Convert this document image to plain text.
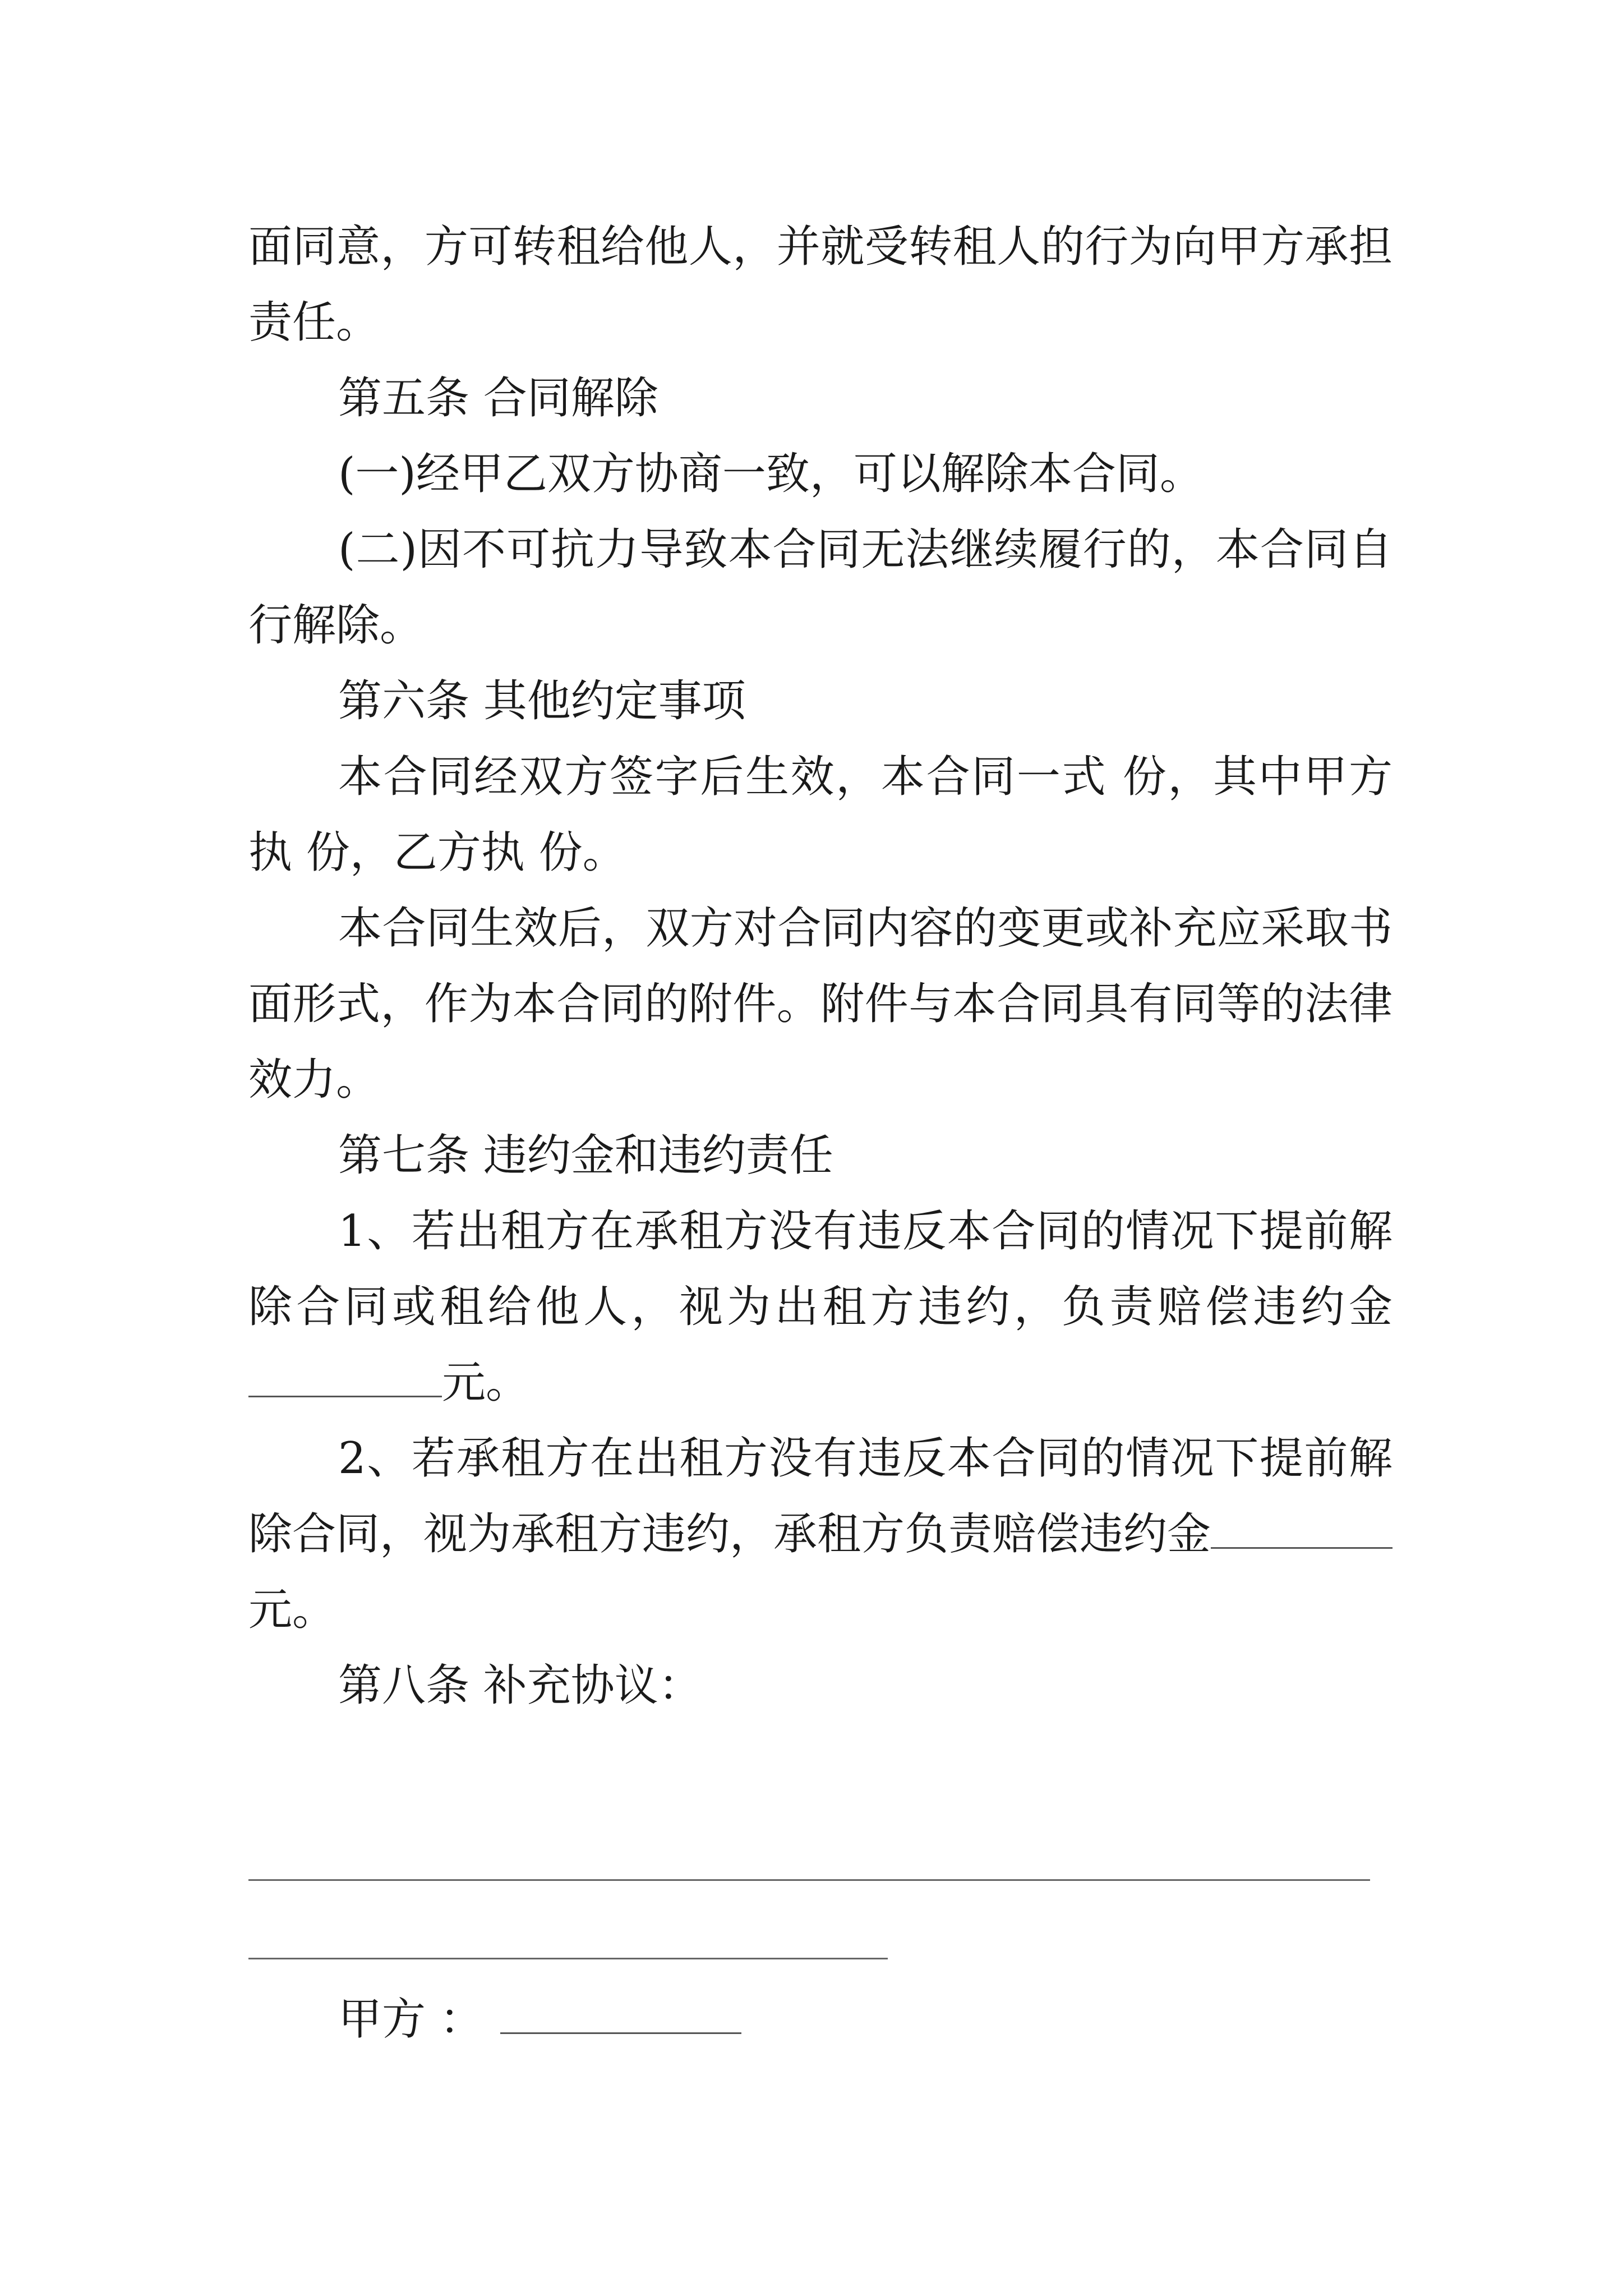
面同意，方可转租给他人，并就受转租人的行为向甲方承担
责任。
第五条 合同解除
(一)经甲乙双方协商一致，可以解除本合同。
(二)因不可抗力导致本合同无法继续履行的，本合同自
行解除。
第六条 其他约定事项
本合同经双方签字后生效，本合同一式 份，其中甲方
执 份，乙方执 份。
本合同生效后，双方对合同内容的变更或补充应采取书
面形式，作为本合同的附件。附件与本合同具有同等的法律
效力。
第七条 违约金和违约责任
1、若出租方在承租方没有违反本合同的情况下提前解
除合同或租给他人，视为出租方违约，负责赔偿违约金
元。
2、若承租方在出租方没有违反本合同的情况下提前解
除合同，视为承租方违约，承租方负责赔偿违约金
元。
第八条 补充协议：
甲方 ：
